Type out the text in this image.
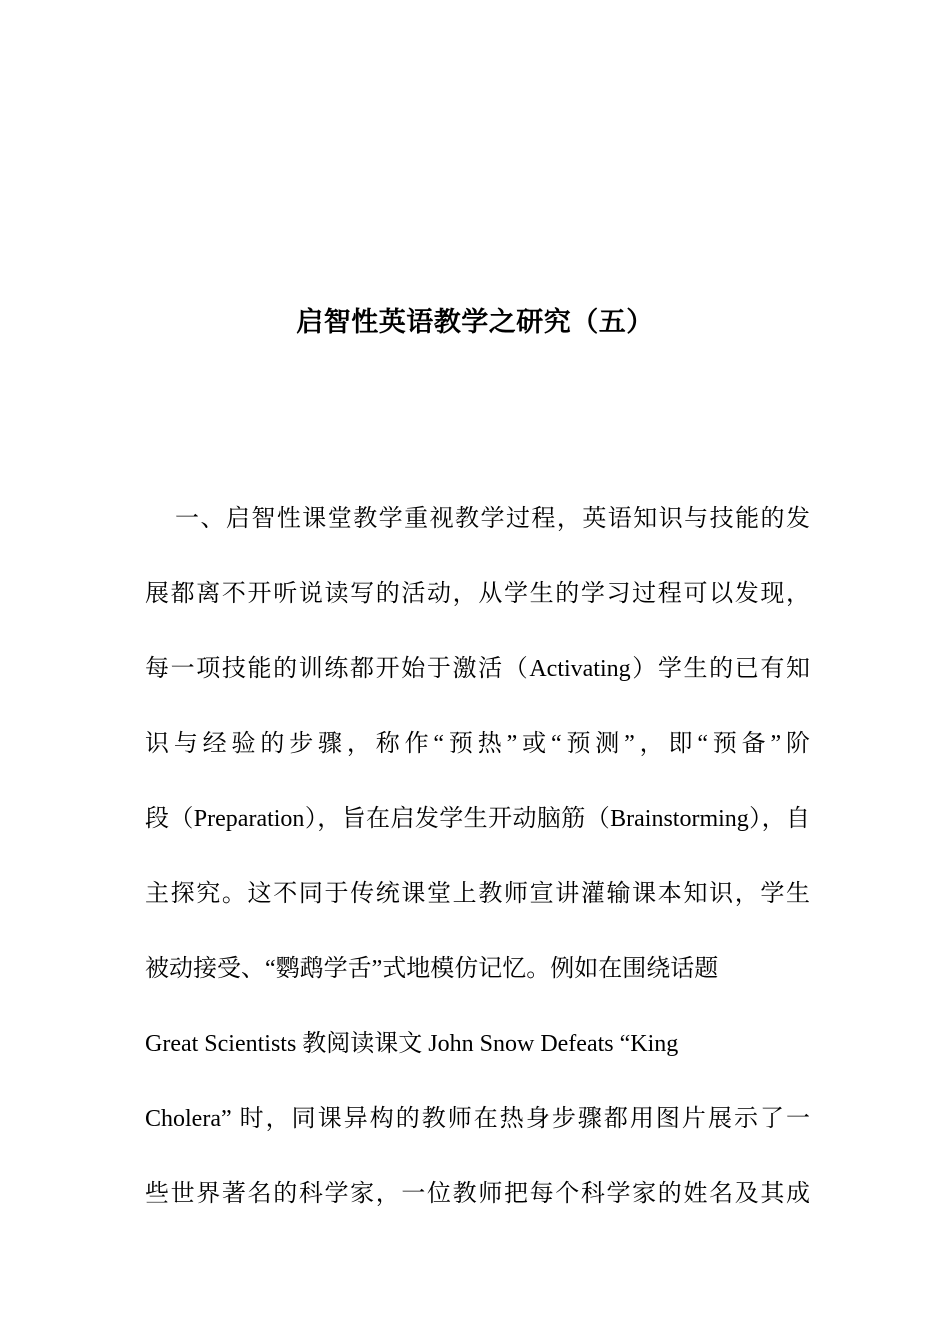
启智性英语教学之研究（五）
一、启智性课堂教学重视教学过程，英语知识与技能的发
展都离不开听说读写的活动，从学生的学习过程可以发现，
每一项技能的训练都开始于激活（Activating）学生的已有知
识与经验的步骤，称作“预热”或“预测”，即“预备”阶
段（Preparation），旨在启发学生开动脑筋（Brainstorming），自
主探究。这不同于传统课堂上教师宣讲灌输课本知识，学生
被动接受、“鹦鹉学舌”式地模仿记忆。例如在围绕话题
Great Scientists 教阅读课文 John Snow Defeats “King
Cholera” 时，同课异构的教师在热身步骤都用图片展示了一
些世界著名的科学家，一位教师把每个科学家的姓名及其成
